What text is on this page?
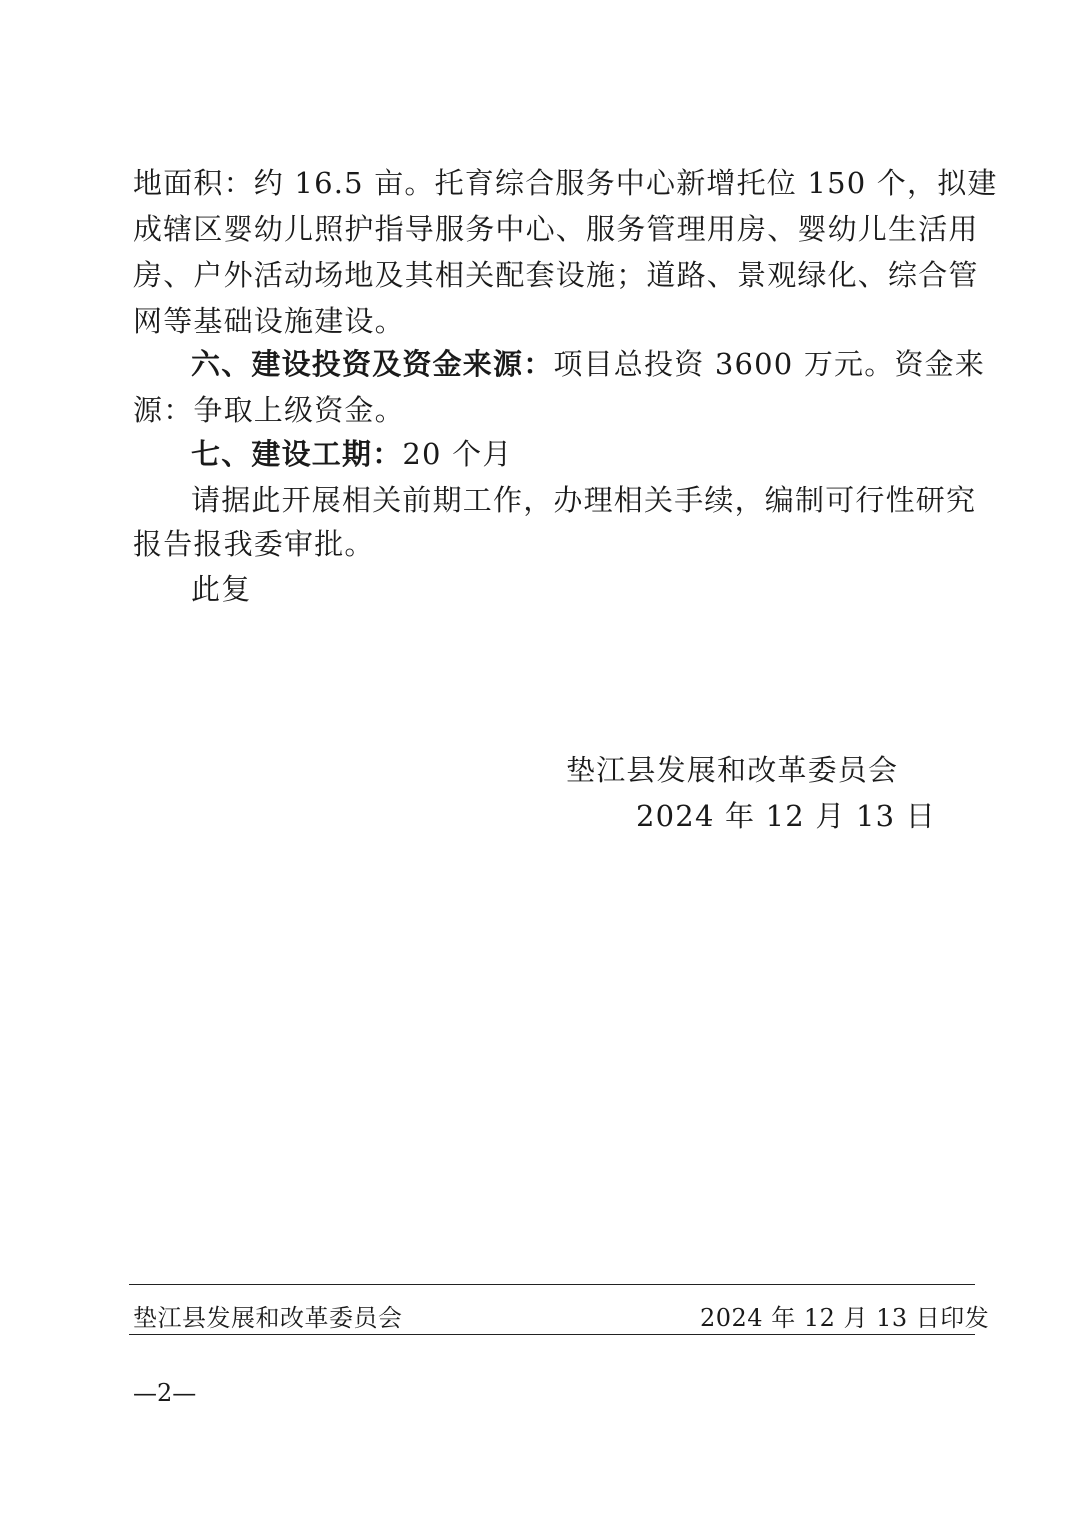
地面积：约 16.5 亩。托育综合服务中心新增托位 150 个，拟建
成辖区婴幼儿照护指导服务中心、服务管理用房、婴幼儿生活用
房、户外活动场地及其相关配套设施；道路、景观绿化、综合管
网等基础设施建设。
六、建设投资及资金来源：项目总投资 3600 万元。资金来
源：争取上级资金。
七、建设工期：20 个月
请据此开展相关前期工作，办理相关手续，编制可行性研究
报告报我委审批。
此复
垫江县发展和改革委员会
2024 年 12 月 13 日
垫江县发展和改革委员会	2024 年 12 月 13 日印发
—2—
